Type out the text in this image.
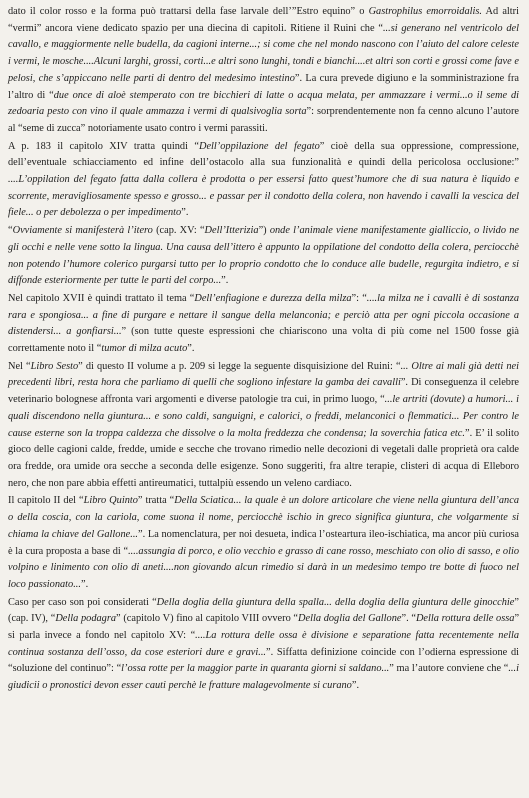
dato il color rosso e la forma può trattarsi della fase larvale dell’”Estro equino” o Gastrophilus emorroidalis. Ad altri “vermi” ancora viene dedicato spazio per una diecina di capitoli. Ritiene il Ruini che “...si generano nel ventricolo del cavallo, e maggiormente nelle budella, da cagioni interne...; si come che nel mondo nascono con l’aiuto del calore celeste i vermi, le mosche....Alcuni larghi, grossi, corti...e altri sono lunghi, tondi e bianchi....et altri son corti e grossi come fave e pelosi, che s’appiccano nelle parti di dentro del medesimo intestino”. La cura prevede digiuno e la somministrazione fra l’altro di “due once di aloè stemperato con tre bicchieri di latte o acqua melata, per ammazzare i vermi...o il seme di zedoaria pesto con vino il quale ammazza i vermi di qualsivoglia sorta”: sorprendentemente non fa cenno alcuno l’autore al “seme di zucca” notoriamente usato contro i vermi parassiti.

A p. 183 il capitolo XIV tratta quindi “Dell’oppilazione del fegato” cioè della sua oppressione, compressione, dell’eventuale schiacciamento ed infine dell’ostacolo alla sua funzionalità e quindi della pericolosa occlusione:” ....L’oppilation del fegato fatta dalla collera è prodotta o per essersi fatto quest’humore che di sua natura è liquido e scorrente, meravigliosamente spesso e grosso... e passar per il condotto della colera, non havendo i cavalli la vescica del fiele... o per debolezza o per impedimento”.

“Ovviamente si manifesterà l’itero (cap. XV: “Dell’Itterizia”) onde l’animale viene manifestamente gialliccio, o livido ne gli occhi e nelle vene sotto la lingua. Una causa dell’ittero è appunto la oppilatione del condotto della colera, perciocchè non potendo l’humore colerico purgarsi tutto per lo proprio condotto che lo conduce alle budelle, regurgita indietro, e si diffonde esteriormente per tutte le parti del corpo...”.

Nel capitolo XVII è quindi trattato il tema “Dell’enfiagione e durezza della milza”: “....la milza ne i cavalli è di sostanza rara e spongiosa... a fine di purgare e nettare il sangue della melanconia; e perciò atta per ogni piccola occasione a distendersi... a gonfiarsi...” (son tutte queste espressioni che chiariscono una volta di più come nel 1500 fosse già correttamente noto il “tumor di milza acuto”.

Nel “Libro Sesto” di questo II volume a p. 209 si legge la seguente disquisizione del Ruini: “... Oltre ai mali già detti nei precedenti libri, resta hora che parliamo di quelli che sogliono infestare la gamba dei cavalli”. Di conseguenza il celebre veterinario bolognese affronta vari argomenti e diverse patologie tra cui, in primo luogo, “...le artriti (dovute) a humori... i quali discendono nella giuntura... e sono caldi, sanguigni, e calorici, o freddi, melanconici o flemmatici... Per contro le cause esterne son la troppa caldezza che dissolve o la molta freddezza che condensa; la soverchia fatica etc.”. E’ il solito gioco delle cagioni calde, fredde, umide e secche che trovano rimedio nelle decozioni di vegetali dalle proprietà ora calde ora fredde, ora umide ora secche a seconda delle esigenze. Sono suggeriti, fra altre terapie, clisteri di acqua di Elleboro nero, che non pare abbia effetti antireumatici, tuttalpiù essendo un veleno cardiaco.

Il capitolo II del “Libro Quinto” tratta “Della Sciatica... la quale è un dolore articolare che viene nella giuntura dell’anca o della coscia, con la cariola, come suona il nome, perciocchè ischio in greco significa giuntura, che volgarmente si chiama la chiave del Gallone...”. La nomenclatura, per noi desueta, indica l’osteartura ileo-ischiatica, ma ancor più curiosa è la cura proposta a base di “....assungia di porco, e olio vecchio e grasso di cane rosso, meschiato con olio di sasso, e olio volpino e linimento con olio di aneti....non giovando alcun rimedio si darà in un medesimo tempo tre botte di fuoco nel loco passionato...”.

Caso per caso son poi considerati “Della doglia della giuntura della spalla... della doglia della giuntura delle ginocchie” (cap. IV), “Della podagra” (capitolo V) fino al capitolo VIII ovvero “Della doglia del Gallone”. “Della rottura delle ossa” si parla invece a fondo nel capitolo XV: “....La rottura delle ossa è divisione e separatione fatta recentemente nella continua sostanza dell’osso, da cose esteriori dure e gravi...”. Siffatta definizione coincide con l’odierna espressione di “soluzione del continuo”: “l’ossa rotte per la maggior parte in quaranta giorni si saldano...” ma l’autore conviene che “...i giudicii o pronostici devon esser cauti perchè le fratture malagevolmente si curano”.
